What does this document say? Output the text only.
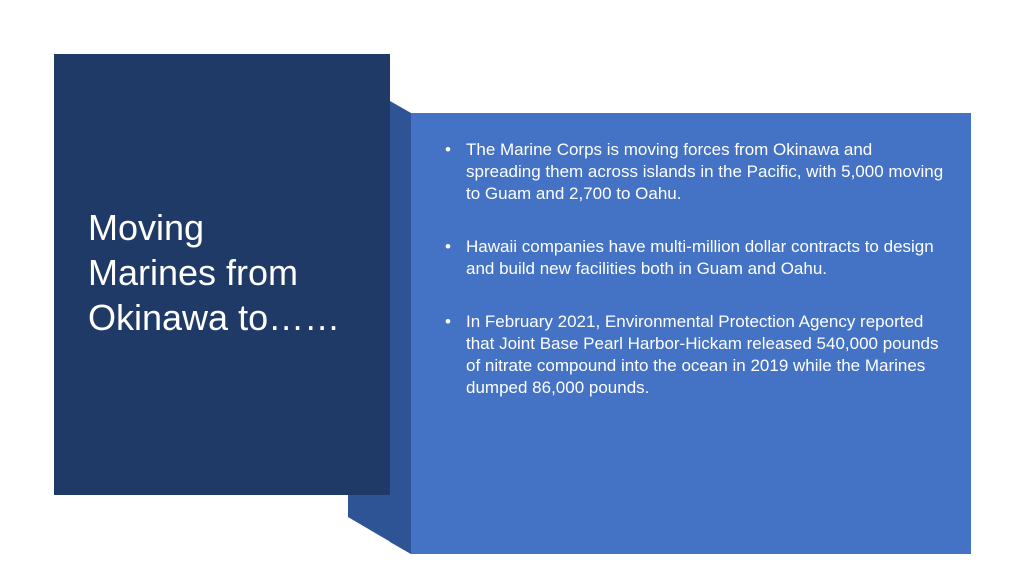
Moving
Marines from
Okinawa to……
• The Marine Corps is moving forces from Okinawa and spreading them across islands in the Pacific, with 5,000 moving to Guam and 2,700 to Oahu.
• Hawaii companies have multi-million dollar contracts to design and build new facilities both in Guam and Oahu.
• In February 2021, Environmental Protection Agency reported that Joint Base Pearl Harbor-Hickam released 540,000 pounds of nitrate compound into the ocean in 2019 while the Marines dumped 86,000 pounds.
